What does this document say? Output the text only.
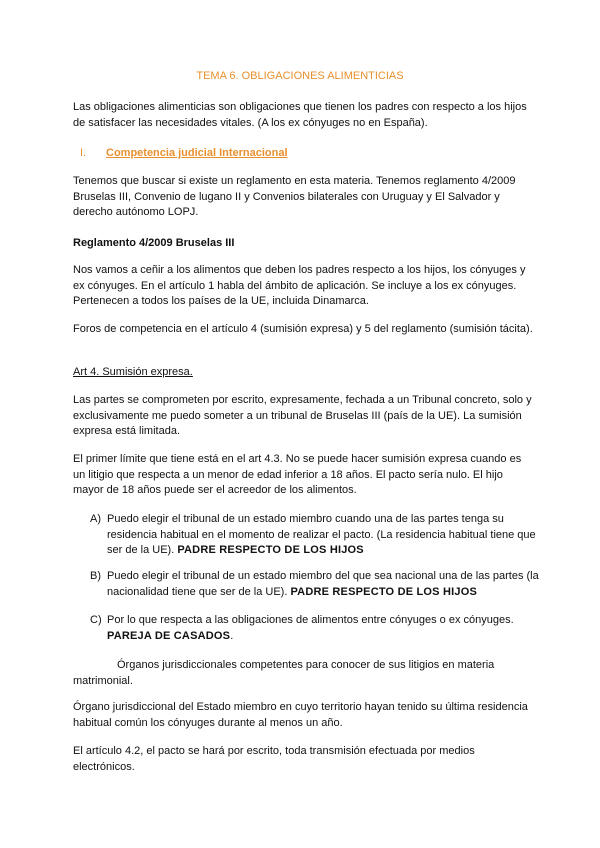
TEMA 6. OBLIGACIONES ALIMENTICIAS

Las obligaciones alimenticias son obligaciones que tienen los padres con respecto a los hijos de satisfacer las necesidades vitales. (A los ex cónyuges no en España).

I. Competencia judicial Internacional

Tenemos que buscar si existe un reglamento en esta materia. Tenemos reglamento 4/2009 Bruselas III, Convenio de lugano II y Convenios bilaterales con Uruguay y El Salvador y derecho autónomo LOPJ.

Reglamento 4/2009 Bruselas III

Nos vamos a ceñir a los alimentos que deben los padres respecto a los hijos, los cónyuges y ex cónyuges. En el artículo 1 habla del ámbito de aplicación. Se incluye a los ex cónyuges. Pertenecen a todos los países de la UE, incluida Dinamarca.

Foros de competencia en el artículo 4 (sumisión expresa) y 5 del reglamento (sumisión tácita).

Art 4. Sumisión expresa.

Las partes se comprometen por escrito, expresamente, fechada a un Tribunal concreto, solo y exclusivamente me puedo someter a un tribunal de Bruselas III (país de la UE). La sumisión expresa está limitada.

El primer límite que tiene está en el art 4.3. No se puede hacer sumisión expresa cuando es un litigio que respecta a un menor de edad inferior a 18 años. El pacto sería nulo. El hijo mayor de 18 años puede ser el acreedor de los alimentos.

A) Puedo elegir el tribunal de un estado miembro cuando una de las partes tenga su residencia habitual en el momento de realizar el pacto. (La residencia habitual tiene que ser de la UE). PADRE RESPECTO DE LOS HIJOS
B) Puedo elegir el tribunal de un estado miembro del que sea nacional una de las partes (la nacionalidad tiene que ser de la UE). PADRE RESPECTO DE LOS HIJOS
C) Por lo que respecta a las obligaciones de alimentos entre cónyuges o ex cónyuges. PAREJA DE CASADOS.

Órganos jurisdiccionales competentes para conocer de sus litigios en materia matrimonial.

Órgano jurisdiccional del Estado miembro en cuyo territorio hayan tenido su última residencia habitual común los cónyuges durante al menos un año.

El artículo 4.2, el pacto se hará por escrito, toda transmisión efectuada por medios electrónicos.
